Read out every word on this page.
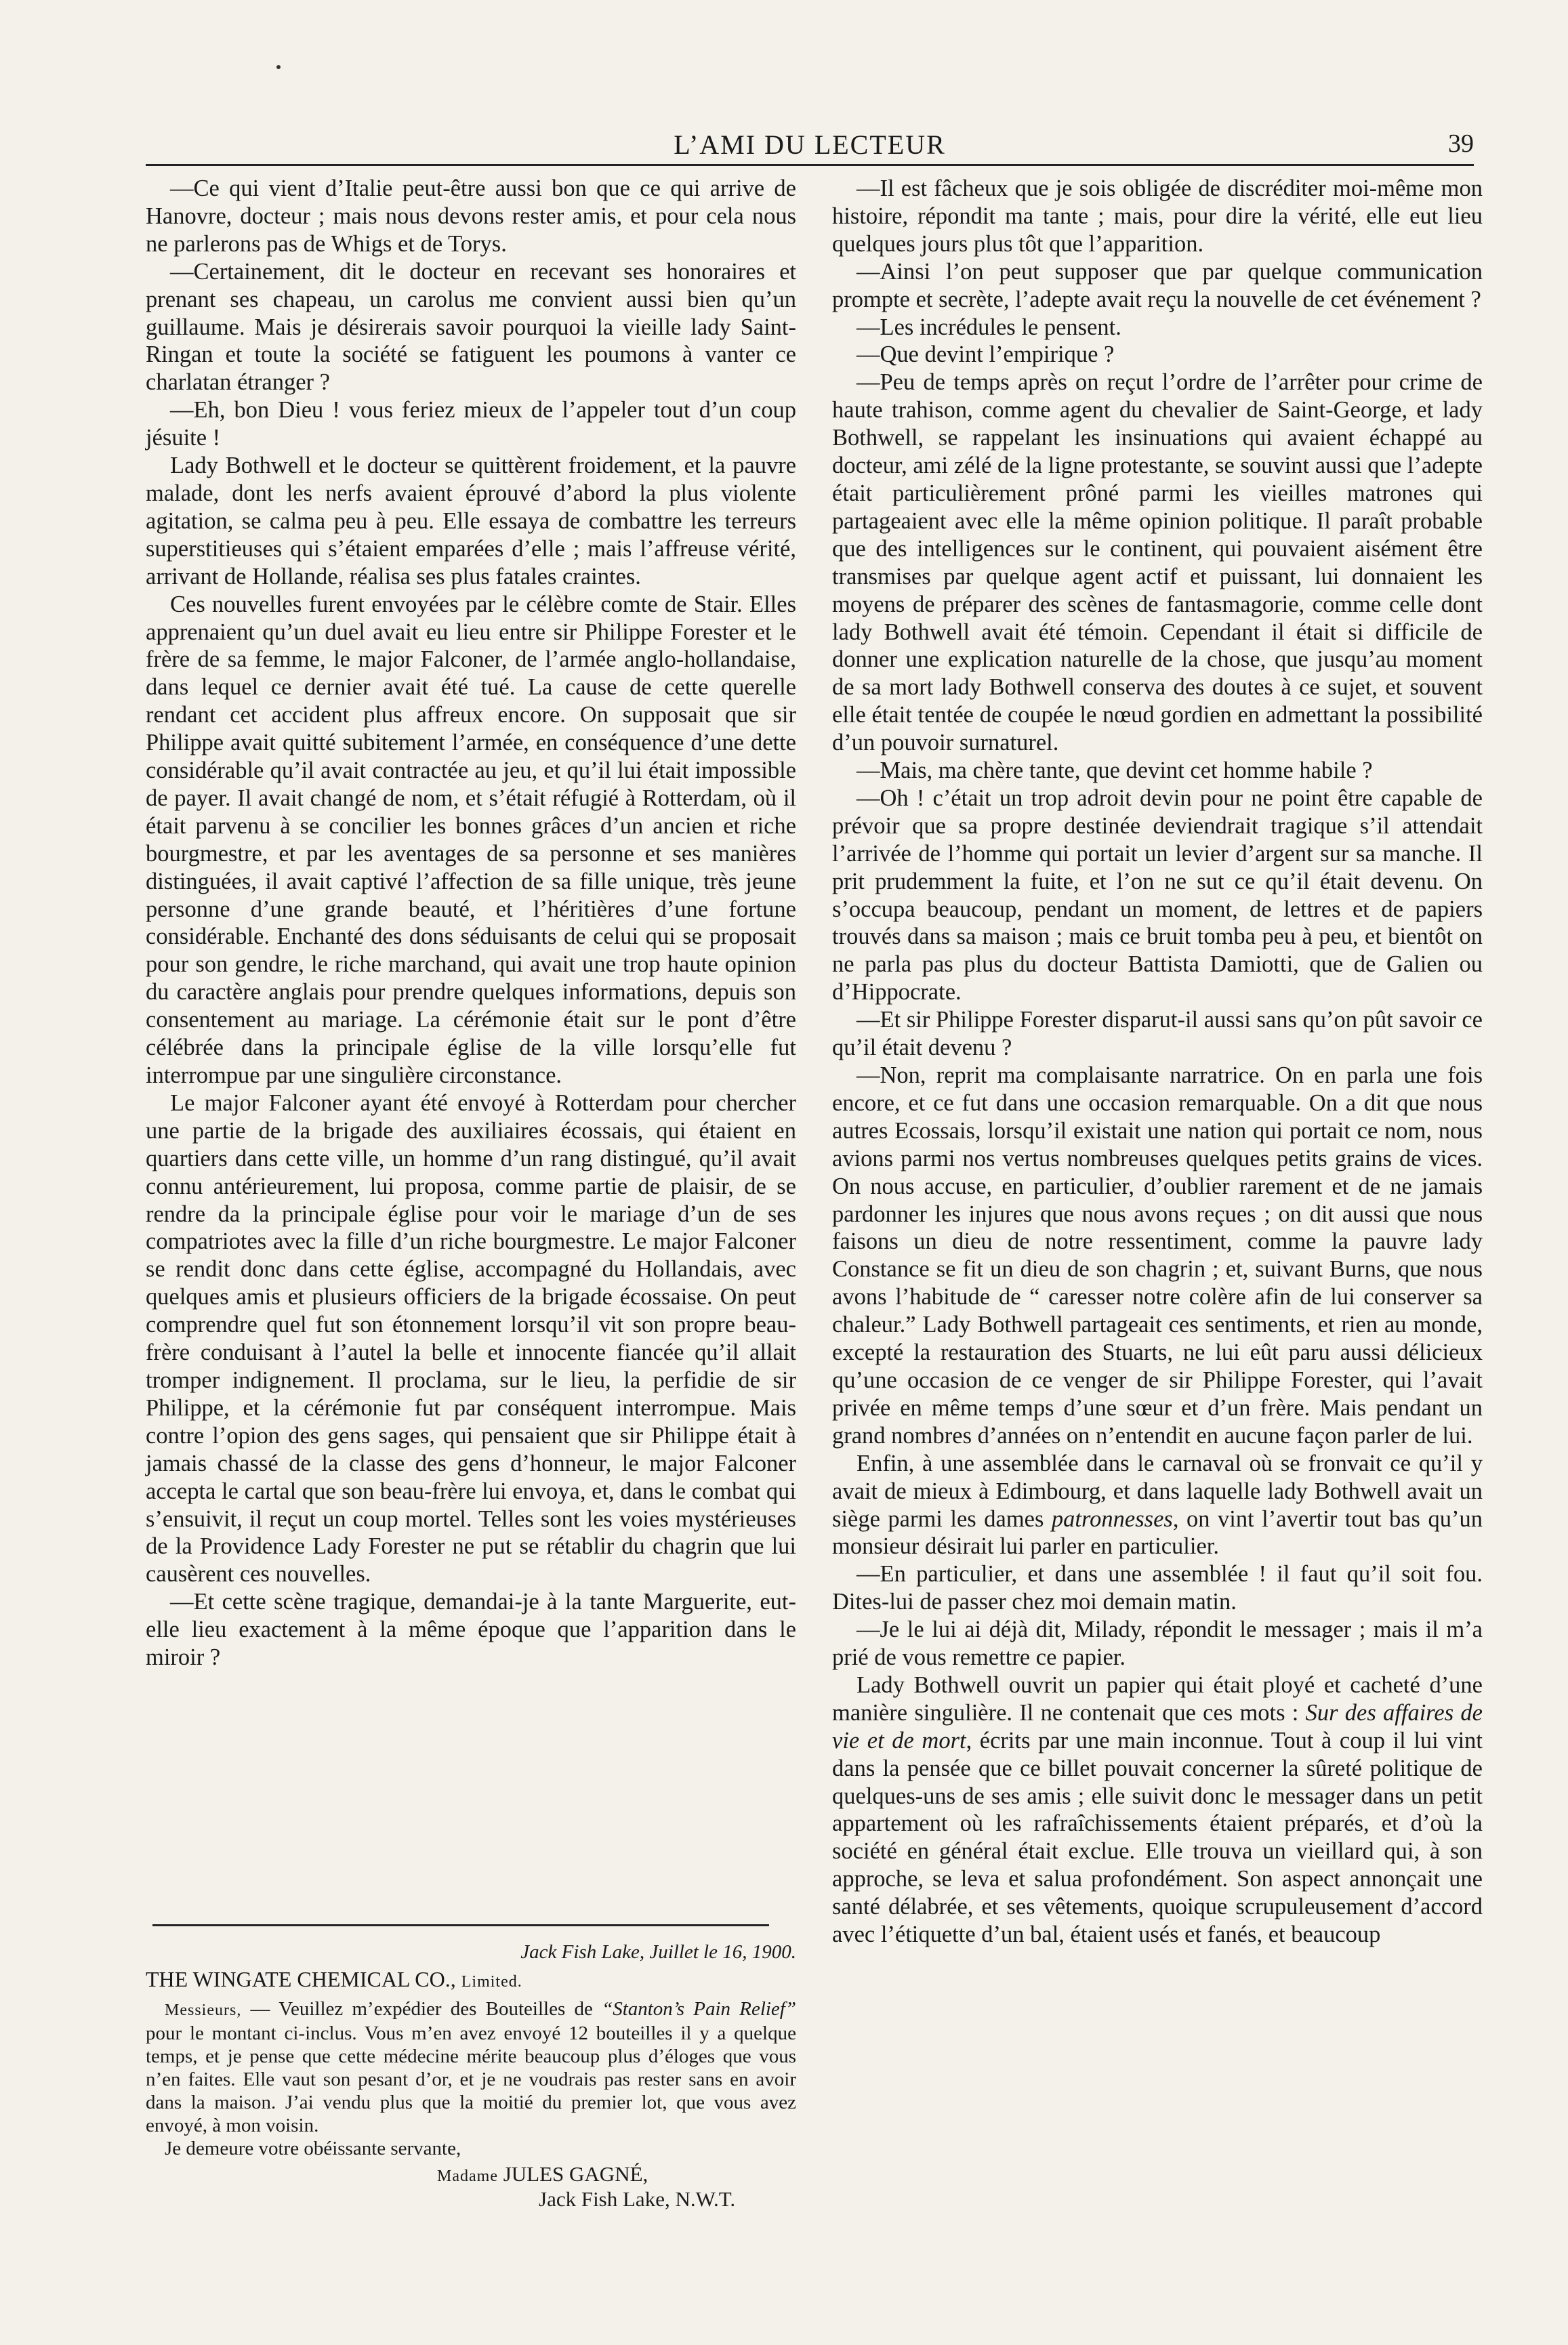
L’AMI DU LECTEUR	39

—Ce qui vient d’Italie peut-être aussi bon que ce qui arrive de Hanovre, docteur ; mais nous devons rester amis, et pour cela nous ne parlerons pas de Whigs et de Torys.

—Certainement, dit le docteur en recevant ses honoraires et prenant ses chapeau, un carolus me convient aussi bien qu’un guillaume. Mais je désirerais savoir pourquoi la vieille lady Saint-Ringan et toute la société se fatiguent les poumons à vanter ce charlatan étranger ?

—Eh, bon Dieu ! vous feriez mieux de l’appeler tout d’un coup jésuite !

Lady Bothwell et le docteur se quittèrent froidement, et la pauvre malade, dont les nerfs avaient éprouvé d’abord la plus violente agitation, se calma peu à peu. Elle essaya de combattre les terreurs superstitieuses qui s’étaient emparées d’elle ; mais l’affreuse vérité, arrivant de Hollande, réalisa ses plus fatales craintes.

Ces nouvelles furent envoyées par le célèbre comte de Stair. Elles apprenaient qu’un duel avait eu lieu entre sir Philippe Forester et le frère de sa femme, le major Falconer, de l’armée anglo-hollandaise, dans lequel ce dernier avait été tué. La cause de cette querelle rendant cet accident plus affreux encore. On supposait que sir Philippe avait quitté subitement l’armée, en conséquence d’une dette considérable qu’il avait contractée au jeu, et qu’il lui était impossible de payer. Il avait changé de nom, et s’était réfugié à Rotterdam, où il était parvenu à se concilier les bonnes grâces d’un ancien et riche bourgmestre, et par les aventages de sa personne et ses manières distinguées, il avait captivé l’affection de sa fille unique, très jeune personne d’une grande beauté, et l’héritières d’une fortune considérable. Enchanté des dons séduisants de celui qui se proposait pour son gendre, le riche marchand, qui avait une trop haute opinion du caractère anglais pour prendre quelques informations, depuis son consentement au mariage. La cérémonie était sur le pont d’être célébrée dans la principale église de la ville lorsqu’elle fut interrompue par une singulière circonstance.

Le major Falconer ayant été envoyé à Rotterdam pour chercher une partie de la brigade des auxiliaires écossais, qui étaient en quartiers dans cette ville, un homme d’un rang distingué, qu’il avait connu antérieurement, lui proposa, comme partie de plaisir, de se rendre da la principale église pour voir le mariage d’un de ses compatriotes avec la fille d’un riche bourgmestre. Le major Falconer se rendit donc dans cette église, accompagné du Hollandais, avec quelques amis et plusieurs officiers de la brigade écossaise. On peut comprendre quel fut son étonnement lorsqu’il vit son propre beau-frère conduisant à l’autel la belle et innocente fiancée qu’il allait tromper indignement. Il proclama, sur le lieu, la perfidie de sir Philippe, et la cérémonie fut par conséquent interrompue. Mais contre l’opion des gens sages, qui pensaient que sir Philippe était à jamais chassé de la classe des gens d’honneur, le major Falconer accepta le cartal que son beau-frère lui envoya, et, dans le combat qui s’ensuivit, il reçut un coup mortel. Telles sont les voies mystérieuses de la Providence Lady Forester ne put se rétablir du chagrin que lui causèrent ces nouvelles.

—Et cette scène tragique, demandai-je à la tante Marguerite, eut-elle lieu exactement à la même époque que l’apparition dans le miroir ?

Jack Fish Lake, Juillet le 16, 1900.
THE WINGATE CHEMICAL CO., Limited.

Messieurs, — Veuillez m’expédier des Bouteilles de “Stanton’s Pain Relief” pour le montant ci-inclus. Vous m’en avez envoyé 12 bouteilles il y a quelque temps, et je pense que cette médecine mérite beaucoup plus d’éloges que vous n’en faites. Elle vaut son pesant d’or, et je ne voudrais pas rester sans en avoir dans la maison. J’ai vendu plus que la moitié du premier lot, que vous avez envoyé, à mon voisin.

Je demeure votre obéissante servante,

Madame JULES GAGNÉ,
Jack Fish Lake, N.W.T.

—Il est fâcheux que je sois obligée de discréditer moi-même mon histoire, répondit ma tante ; mais, pour dire la vérité, elle eut lieu quelques jours plus tôt que l’apparition.

—Ainsi l’on peut supposer que par quelque communication prompte et secrète, l’adepte avait reçu la nouvelle de cet événement ?

—Les incrédules le pensent.

—Que devint l’empirique ?

—Peu de temps après on reçut l’ordre de l’arrêter pour crime de haute trahison, comme agent du chevalier de Saint-George, et lady Bothwell, se rappelant les insinuations qui avaient échappé au docteur, ami zélé de la ligne protestante, se souvint aussi que l’adepte était particulièrement prôné parmi les vieilles matrones qui partageaient avec elle la même opinion politique. Il paraît probable que des intelligences sur le continent, qui pouvaient aisément être transmises par quelque agent actif et puissant, lui donnaient les moyens de préparer des scènes de fantasmagorie, comme celle dont lady Bothwell avait été témoin. Cependant il était si difficile de donner une explication naturelle de la chose, que jusqu’au moment de sa mort lady Bothwell conserva des doutes à ce sujet, et souvent elle était tentée de coupée le nœud gordien en admettant la possibilité d’un pouvoir surnaturel.

—Mais, ma chère tante, que devint cet homme habile ?

—Oh ! c’était un trop adroit devin pour ne point être capable de prévoir que sa propre destinée deviendrait tragique s’il attendait l’arrivée de l’homme qui portait un levier d’argent sur sa manche. Il prit prudemment la fuite, et l’on ne sut ce qu’il était devenu. On s’occupa beaucoup, pendant un moment, de lettres et de papiers trouvés dans sa maison ; mais ce bruit tomba peu à peu, et bientôt on ne parla pas plus du docteur Battista Damiotti, que de Galien ou d’Hippocrate.

—Et sir Philippe Forester disparut-il aussi sans qu’on pût savoir ce qu’il était devenu ?

—Non, reprit ma complaisante narratrice. On en parla une fois encore, et ce fut dans une occasion remarquable. On a dit que nous autres Ecossais, lorsqu’il existait une nation qui portait ce nom, nous avions parmi nos vertus nombreuses quelques petits grains de vices. On nous accuse, en particulier, d’oublier rarement et de ne jamais pardonner les injures que nous avons reçues ; on dit aussi que nous faisons un dieu de notre ressentiment, comme la pauvre lady Constance se fit un dieu de son chagrin ; et, suivant Burns, que nous avons l’habitude de “ caresser notre colère afin de lui conserver sa chaleur.” Lady Bothwell partageait ces sentiments, et rien au monde, excepté la restauration des Stuarts, ne lui eût paru aussi délicieux qu’une occasion de ce venger de sir Philippe Forester, qui l’avait privée en même temps d’une sœur et d’un frère. Mais pendant un grand nombres d’années on n’entendit en aucune façon parler de lui.

Enfin, à une assemblée dans le carnaval où se fronvait ce qu’il y avait de mieux à Edimbourg, et dans laquelle lady Bothwell avait un siège parmi les dames patronnesses, on vint l’avertir tout bas qu’un monsieur désirait lui parler en particulier.

—En particulier, et dans une assemblée ! il faut qu’il soit fou. Dites-lui de passer chez moi demain matin.

—Je le lui ai déjà dit, Milady, répondit le messager ; mais il m’a prié de vous remettre ce papier.

Lady Bothwell ouvrit un papier qui était ployé et cacheté d’une manière singulière. Il ne contenait que ces mots : Sur des affaires de vie et de mort, écrits par une main inconnue. Tout à coup il lui vint dans la pensée que ce billet pouvait concerner la sûreté politique de quelques-uns de ses amis ; elle suivit donc le messager dans un petit appartement où les rafraîchissements étaient préparés, et d’où la société en général était exclue. Elle trouva un vieillard qui, à son approche, se leva et salua profondément. Son aspect annonçait une santé délabrée, et ses vêtements, quoique scrupuleusement d’accord avec l’étiquette d’un bal, étaient usés et fanés, et beaucoup
